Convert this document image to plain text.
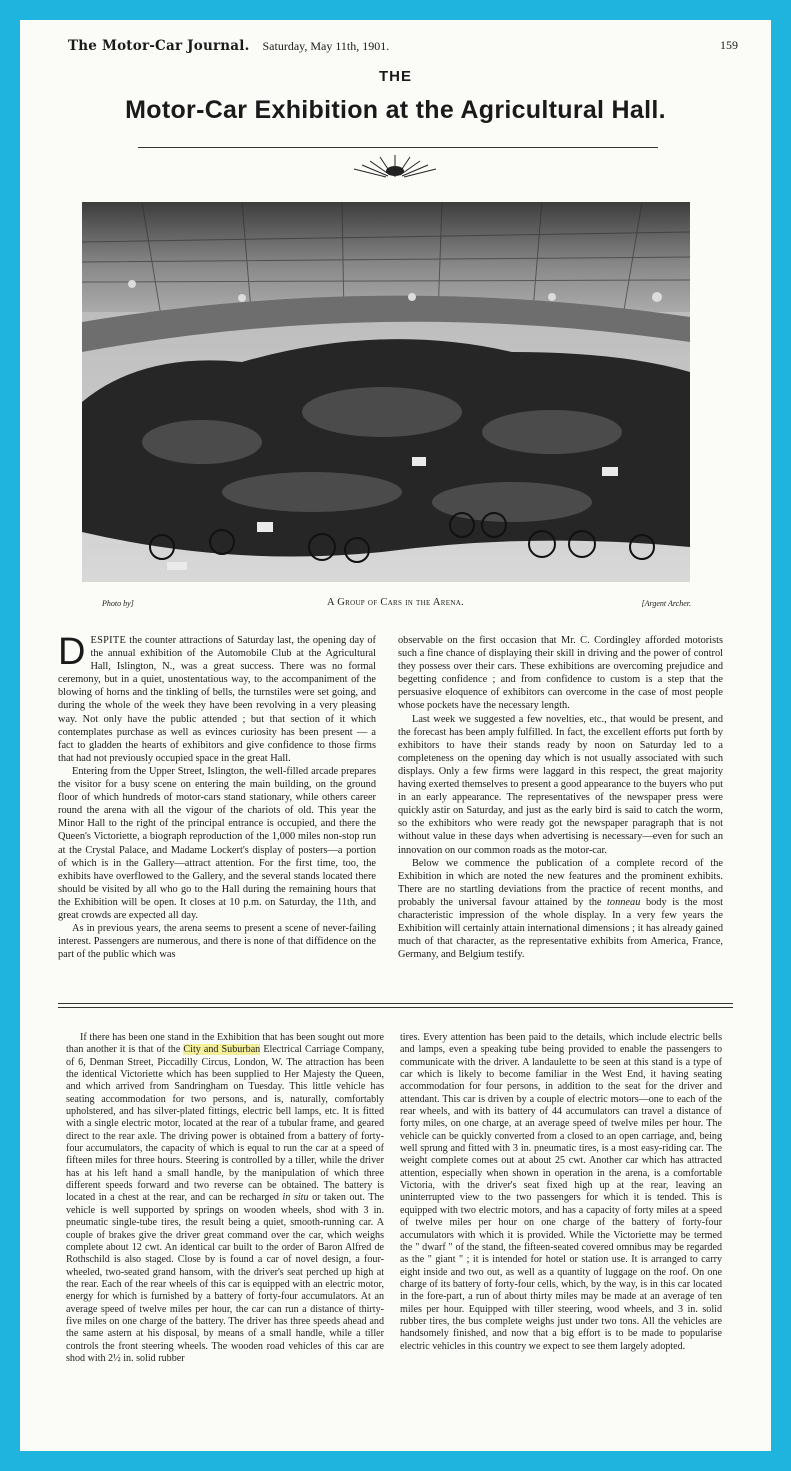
The Motor-Car Journal. Saturday, May 11th, 1901.	159
THE
Motor-Car Exhibition at the Agricultural Hall.
Photo by]	A Group of Cars in the Arena.	[Argent Archer.

DESPITE the counter attractions of Saturday last, the opening day of the annual exhibition of the Automobile Club at the Agricultural Hall, Islington, N., was a great success. There was no formal ceremony, but in a quiet, unostentatious way, to the accompaniment of the blowing of horns and the tinkling of bells, the turnstiles were set going, and during the whole of the week they have been revolving in a very pleasing way. Not only have the public attended ; but that section of it which contemplates purchase as well as evinces curiosity has been present — a fact to gladden the hearts of exhibitors and give confidence to those firms that had not previously occupied space in the great Hall.

Entering from the Upper Street, Islington, the well-filled arcade prepares the visitor for a busy scene on entering the main building, on the ground floor of which hundreds of motor-cars stand stationary, while others career round the arena with all the vigour of the chariots of old. This year the Minor Hall to the right of the principal entrance is occupied, and there the Queen's Victoriette, a biograph reproduction of the 1,000 miles non-stop run at the Crystal Palace, and Madame Lockert's display of posters—a portion of which is in the Gallery—attract attention. For the first time, too, the exhibits have overflowed to the Gallery, and the several stands located there should be visited by all who go to the Hall during the remaining hours that the Exhibition will be open. It closes at 10 p.m. on Saturday, the 11th, and great crowds are expected all day.

As in previous years, the arena seems to present a scene of never-failing interest. Passengers are numerous, and there is none of that diffidence on the part of the public which was

observable on the first occasion that Mr. C. Cordingley afforded motorists such a fine chance of displaying their skill in driving and the power of control they possess over their cars. These exhibitions are overcoming prejudice and begetting confidence ; and from confidence to custom is a step that the persuasive eloquence of exhibitors can overcome in the case of most people whose pockets have the necessary length.

Last week we suggested a few novelties, etc., that would be present, and the forecast has been amply fulfilled. In fact, the excellent efforts put forth by exhibitors to have their stands ready by noon on Saturday led to a completeness on the opening day which is not usually associated with such displays. Only a few firms were laggard in this respect, the great majority having exerted themselves to present a good appearance to the buyers who put in an early appearance. The representatives of the newspaper press were quickly astir on Saturday, and just as the early bird is said to catch the worm, so the exhibitors who were ready got the newspaper paragraph that is not without value in these days when advertising is necessary—even for such an innovation on our common roads as the motor-car.

Below we commence the publication of a complete record of the Exhibition in which are noted the new features and the prominent exhibits. There are no startling deviations from the practice of recent months, and probably the universal favour attained by the tonneau body is the most characteristic impression of the whole display. In a very few years the Exhibition will certainly attain international dimensions ; it has already gained much of that character, as the representative exhibits from America, France, Germany, and Belgium testify.

If there has been one stand in the Exhibition that has been sought out more than another it is that of the City and Suburban Electrical Carriage Company, of 6, Denman Street, Piccadilly Circus, London, W. The attraction has been the identical Victoriette which has been supplied to Her Majesty the Queen, and which arrived from Sandringham on Tuesday. This little vehicle has seating accommodation for two persons, and is, naturally, comfortably upholstered, and has silver-plated fittings, electric bell lamps, etc. It is fitted with a single electric motor, located at the rear of a tubular frame, and geared direct to the rear axle. The driving power is obtained from a battery of forty-four accumulators, the capacity of which is equal to run the car at a speed of fifteen miles for three hours. Steering is controlled by a tiller, while the driver has at his left hand a small handle, by the manipulation of which three different speeds forward and two reverse can be obtained. The battery is located in a chest at the rear, and can be recharged in situ or taken out. The vehicle is well supported by springs on wooden wheels, shod with 3 in. pneumatic single-tube tires, the result being a quiet, smooth-running car. A couple of brakes give the driver great command over the car, which weighs complete about 12 cwt. An identical car built to the order of Baron Alfred de Rothschild is also staged. Close by is found a car of novel design, a four-wheeled, two-seated grand hansom, with the driver's seat perched up high at the rear. Each of the rear wheels of this car is equipped with an electric motor, energy for which is furnished by a battery of forty-four accumulators. At an average speed of twelve miles per hour, the car can run a distance of thirty-five miles on one charge of the battery. The driver has three speeds ahead and the same astern at his disposal, by means of a small handle, while a tiller controls the front steering wheels. The wooden road vehicles of this car are shod with 2½ in. solid rubber

tires. Every attention has been paid to the details, which include electric bells and lamps, even a speaking tube being provided to enable the passengers to communicate with the driver. A landaulette to be seen at this stand is a type of car which is likely to become familiar in the West End, it having seating accommodation for four persons, in addition to the seat for the driver and attendant. This car is driven by a couple of electric motors—one to each of the rear wheels, and with its battery of 44 accumulators can travel a distance of forty miles, on one charge, at an average speed of twelve miles per hour. The vehicle can be quickly converted from a closed to an open carriage, and, being well sprung and fitted with 3 in. pneumatic tires, is a most easy-riding car. The weight complete comes out at about 25 cwt. Another car which has attracted attention, especially when shown in operation in the arena, is a comfortable Victoria, with the driver's seat fixed high up at the rear, leaving an uninterrupted view to the two passengers for which it is tended. This is equipped with two electric motors, and has a capacity of forty miles at a speed of twelve miles per hour on one charge of the battery of forty-four accumulators with which it is provided. While the Victoriette may be termed the " dwarf " of the stand, the fifteen-seated covered omnibus may be regarded as the " giant " ; it is intended for hotel or station use. It is arranged to carry eight inside and two out, as well as a quantity of luggage on the roof. On one charge of its battery of forty-four cells, which, by the way, is in this car located in the fore-part, a run of about thirty miles may be made at an average of ten miles per hour. Equipped with tiller steering, wood wheels, and 3 in. solid rubber tires, the bus complete weighs just under two tons. All the vehicles are handsomely finished, and now that a big effort is to be made to popularise electric vehicles in this country we expect to see them largely adopted.
